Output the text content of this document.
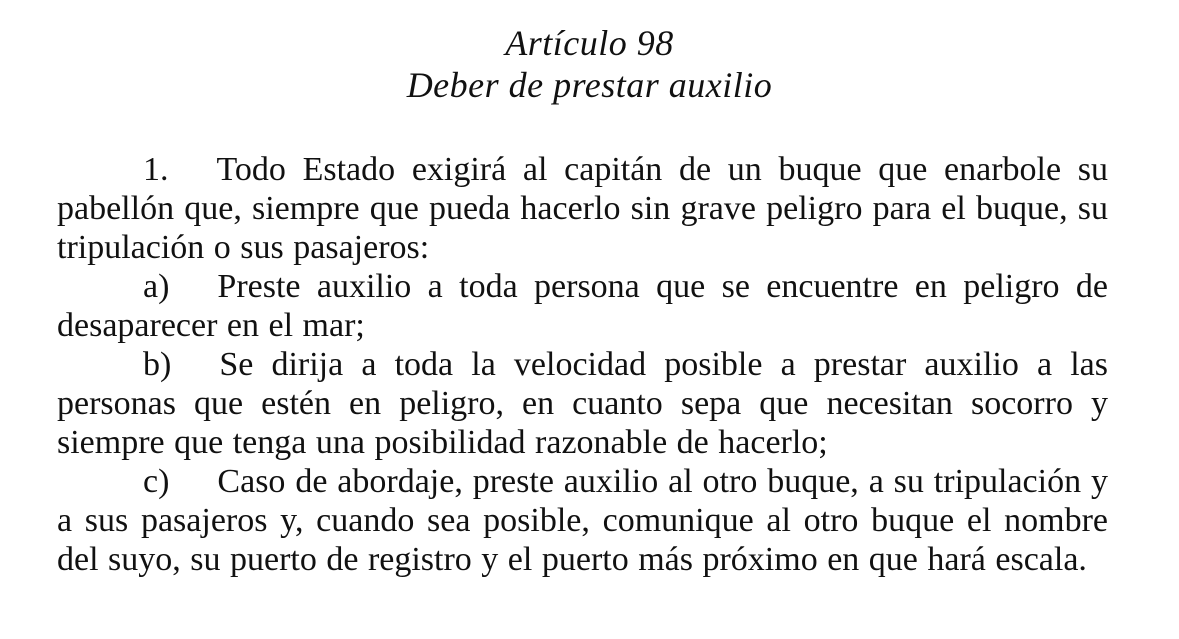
Artículo 98
Deber de prestar auxilio

1. Todo Estado exigirá al capitán de un buque que enarbole su pabellón que, siempre que pueda hacerlo sin grave peligro para el buque, su tripulación o sus pasajeros:

a) Preste auxilio a toda persona que se encuentre en peligro de desaparecer en el mar;

b) Se dirija a toda la velocidad posible a prestar auxilio a las personas que estén en peligro, en cuanto sepa que necesitan socorro y siempre que tenga una posibilidad razonable de hacerlo;

c) Caso de abordaje, preste auxilio al otro buque, a su tripulación y a sus pasajeros y, cuando sea posible, comunique al otro buque el nombre del suyo, su puerto de registro y el puerto más próximo en que hará escala.
